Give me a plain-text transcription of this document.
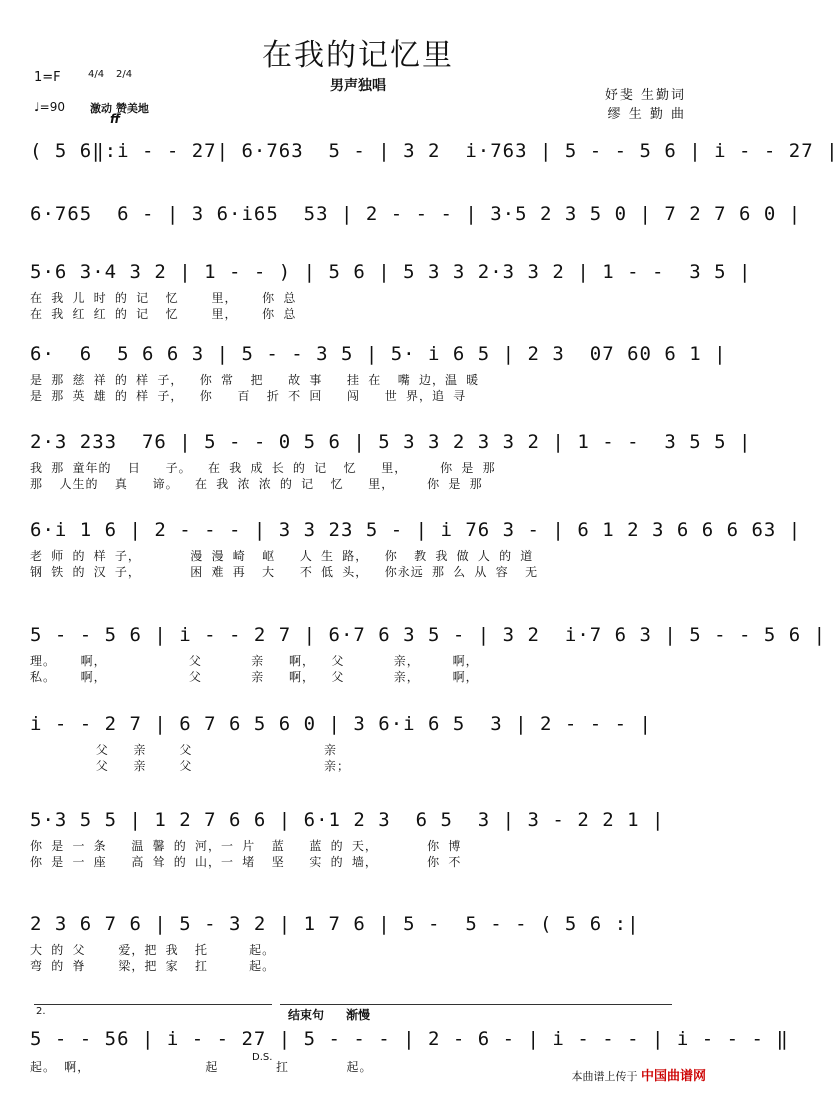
在我的记忆里
男声独唱
妤斐 生勤词
缪 生 勤 曲
1=F	4/4 2/4
♩=90 激动 赞美地
ff
( 5 6‖:i - - 27| 6·763  5 - | 3 2  i·763 | 5 - - 5 6 | i - - 27 |
6·765  6 - | 3 6·i65  53 | 2 - - - | 3·5 2 3 5 0 | 7 2 7 6 0 |
5·6 3·4 3 2 | 1 - - ) | 5 6 | 5 3 3 2·3 3 2 | 1 - -  3 5 |
在 我 儿 时 的 记  忆    里，   你 总
在 我 红 红 的 记  忆    里，   你 总
6·  6  5 6 6 3 | 5 - - 3 5 | 5· i 6 5 | 2 3  07 60 6 1 |
是 那 慈 祥 的 样 子，  你 常  把   故 事   挂 在  嘴 边，温 暖
是 那 英 雄 的 样 子，  你   百  折 不 回   闯   世 界，追 寻
2·3 233  76 | 5 - - 0 5 6 | 5 3 3 2 3 3 2 | 1 - -  3 5 5 |
我 那 童年的  日   子。  在 我 成 长 的 记  忆   里，    你 是 那
那  人生的  真   谛。  在 我 浓 浓 的 记  忆   里，    你 是 那
6·i 1 6 | 2 - - - | 3 3 23 5 - | i 76 3 - | 6 1 2 3 6 6 6 63 |
老 师 的 样 子，      漫 漫 崎  岖   人 生 路，  你  教 我 做 人 的 道
钢 铁 的 汉 子，      困 难 再  大   不 低 头，  你永远 那 么 从 容  无
5 - - 5 6 | i - - 2 7 | 6·7 6 3 5 - | 3 2  i·7 6 3 | 5 - - 5 6 |
理。   啊，          父      亲   啊，  父      亲，    啊，
私。   啊，          父      亲   啊，  父      亲，    啊，
i - - 2 7 | 6 7 6 5 6 0 | 3 6·i 6 5  3 | 2 - - - |
父   亲    父                亲
父   亲    父                亲；
5·3 5 5 | 1 2 7 6 6 | 6·1 2 3  6 5  3 | 3 - 2 2 1 |
你 是 一 条   温 馨 的 河，一 片  蓝   蓝 的 天，      你 博
你 是 一 座   高 耸 的 山，一 堵  坚   实 的 墙，      你 不
2 3 6 7 6 | 5 - 3 2 | 1 7 6 | 5 -  5 - - ( 5 6 :|
大 的 父    爱，把 我  托     起。
弯 的 脊    梁，把 家  扛     起。
2.	结束句 渐慢
5 - - 56 | i - - 27 | 5 - - - | 2 - 6 - | i - - - | i - - - ‖
起。 啊，              起       扛       起。
D.S.
本曲谱上传于 中国曲谱网
